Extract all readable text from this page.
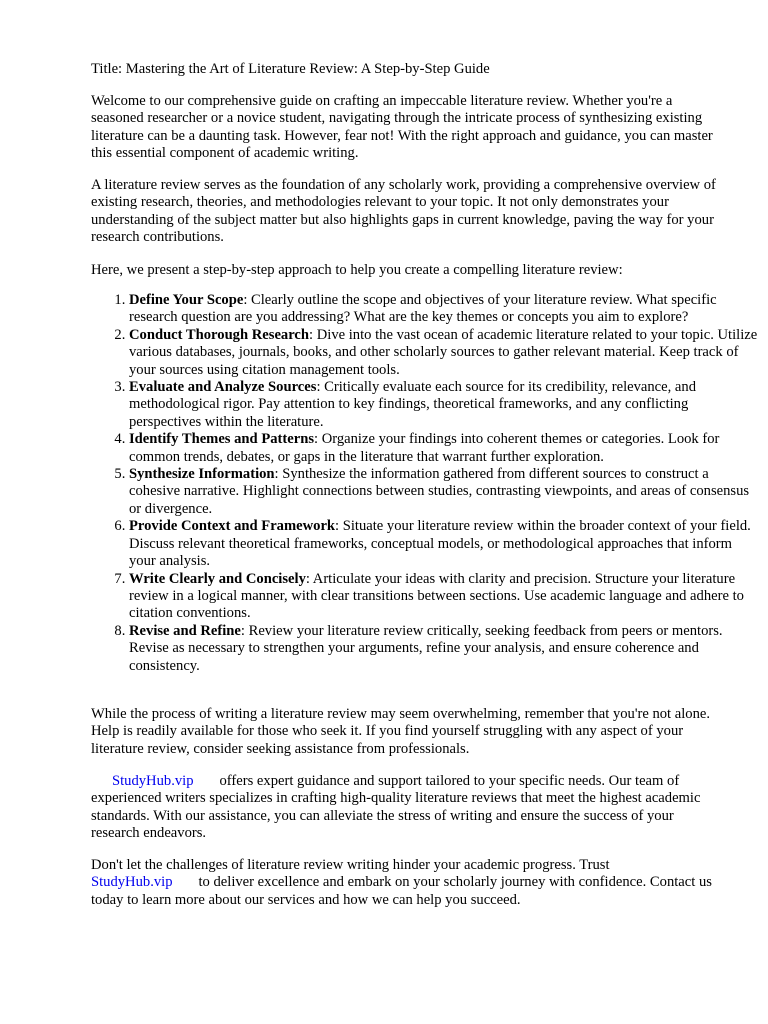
Title: Mastering the Art of Literature Review: A Step-by-Step Guide

Welcome to our comprehensive guide on crafting an impeccable literature review. Whether you're a seasoned researcher or a novice student, navigating through the intricate process of synthesizing existing literature can be a daunting task. However, fear not! With the right approach and guidance, you can master this essential component of academic writing.

A literature review serves as the foundation of any scholarly work, providing a comprehensive overview of existing research, theories, and methodologies relevant to your topic. It not only demonstrates your understanding of the subject matter but also highlights gaps in current knowledge, paving the way for your research contributions.

Here, we present a step-by-step approach to help you create a compelling literature review:

1. Define Your Scope: Clearly outline the scope and objectives of your literature review. What specific research question are you addressing? What are the key themes or concepts you aim to explore?
2. Conduct Thorough Research: Dive into the vast ocean of academic literature related to your topic. Utilize various databases, journals, books, and other scholarly sources to gather relevant material. Keep track of your sources using citation management tools.
3. Evaluate and Analyze Sources: Critically evaluate each source for its credibility, relevance, and methodological rigor. Pay attention to key findings, theoretical frameworks, and any conflicting perspectives within the literature.
4. Identify Themes and Patterns: Organize your findings into coherent themes or categories. Look for common trends, debates, or gaps in the literature that warrant further exploration.
5. Synthesize Information: Synthesize the information gathered from different sources to construct a cohesive narrative. Highlight connections between studies, contrasting viewpoints, and areas of consensus or divergence.
6. Provide Context and Framework: Situate your literature review within the broader context of your field. Discuss relevant theoretical frameworks, conceptual models, or methodological approaches that inform your analysis.
7. Write Clearly and Concisely: Articulate your ideas with clarity and precision. Structure your literature review in a logical manner, with clear transitions between sections. Use academic language and adhere to citation conventions.
8. Revise and Refine: Review your literature review critically, seeking feedback from peers or mentors. Revise as necessary to strengthen your arguments, refine your analysis, and ensure coherence and consistency.

While the process of writing a literature review may seem overwhelming, remember that you're not alone. Help is readily available for those who seek it. If you find yourself struggling with any aspect of your literature review, consider seeking assistance from professionals.

StudyHub.vip offers expert guidance and support tailored to your specific needs. Our team of experienced writers specializes in crafting high-quality literature reviews that meet the highest academic standards. With our assistance, you can alleviate the stress of writing and ensure the success of your research endeavors.

Don't let the challenges of literature review writing hinder your academic progress. Trust
StudyHub.vip to deliver excellence and embark on your scholarly journey with confidence. Contact us today to learn more about our services and how we can help you succeed.
